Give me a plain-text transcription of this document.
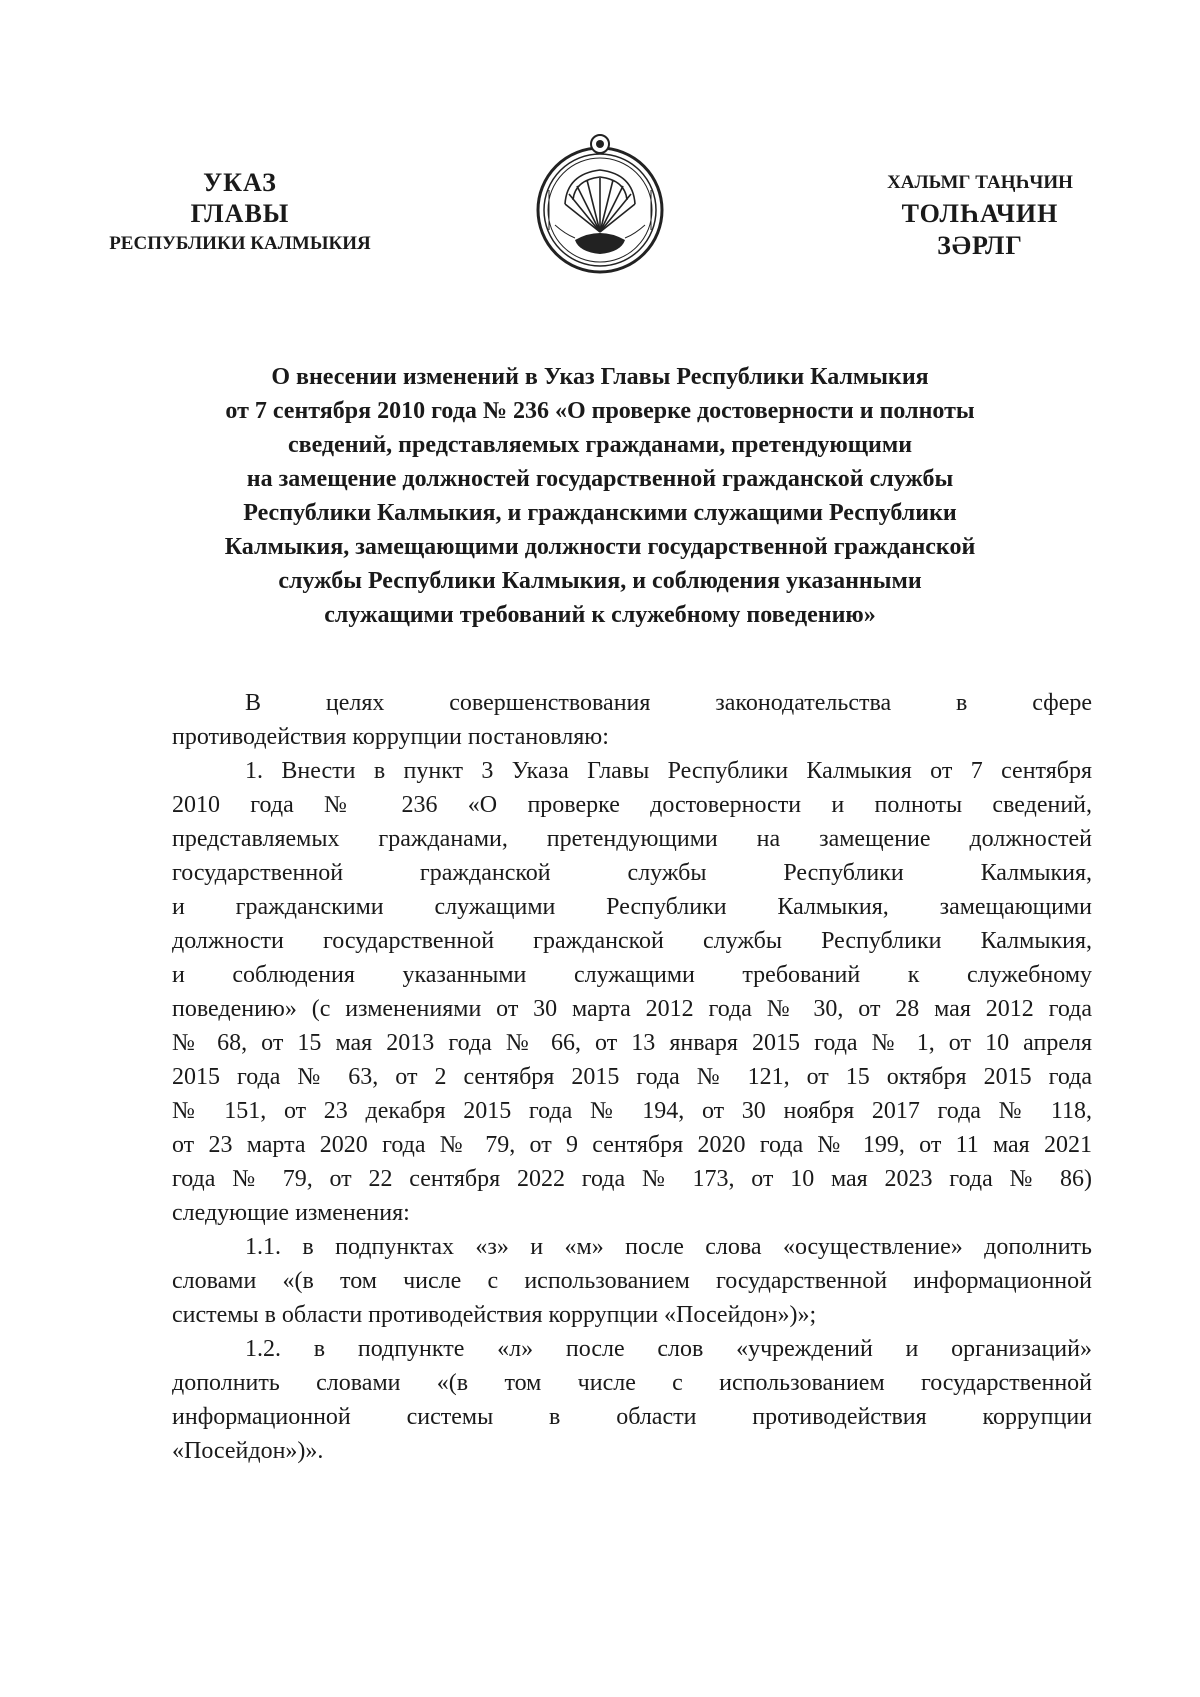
УКАЗ
ГЛАВЫ
РЕСПУБЛИКИ КАЛМЫКИЯ
ХАЛЬМГ ТАҢҺЧИН
ТОЛҺАЧИН
ЗӘРЛГ
О внесении изменений в Указ Главы Республики Калмыкия
от 7 сентября 2010 года № 236 «О проверке достоверности и полноты
сведений, представляемых гражданами, претендующими
на замещение должностей государственной гражданской службы
Республики Калмыкия, и гражданскими служащими Республики
Калмыкия, замещающими должности государственной гражданской
службы Республики Калмыкия, и соблюдения указанными
служащими требований к служебному поведению»
В целях совершенствования законодательства в сфере
противодействия коррупции постановляю:
1. Внести в пункт 3 Указа Главы Республики Калмыкия от 7 сентября
2010 года № 236 «О проверке достоверности и полноты сведений,
представляемых гражданами, претендующими на замещение должностей
государственной гражданской службы Республики Калмыкия,
и гражданскими служащими Республики Калмыкия, замещающими
должности государственной гражданской службы Республики Калмыкия,
и соблюдения указанными служащими требований к служебному
поведению» (с изменениями от 30 марта 2012 года № 30, от 28 мая 2012 года
№ 68, от 15 мая 2013 года № 66, от 13 января 2015 года № 1, от 10 апреля
2015 года № 63, от 2 сентября 2015 года № 121, от 15 октября 2015 года
№ 151, от 23 декабря 2015 года № 194, от 30 ноября 2017 года № 118,
от 23 марта 2020 года № 79, от 9 сентября 2020 года № 199, от 11 мая 2021
года № 79, от 22 сентября 2022 года № 173, от 10 мая 2023 года № 86)
следующие изменения:
1.1. в подпунктах «з» и «м» после слова «осуществление» дополнить
словами «(в том числе с использованием государственной информационной
системы в области противодействия коррупции «Посейдон»)»;
1.2. в подпункте «л» после слов «учреждений и организаций»
дополнить словами «(в том числе с использованием государственной
информационной системы в области противодействия коррупции
«Посейдон»)».
